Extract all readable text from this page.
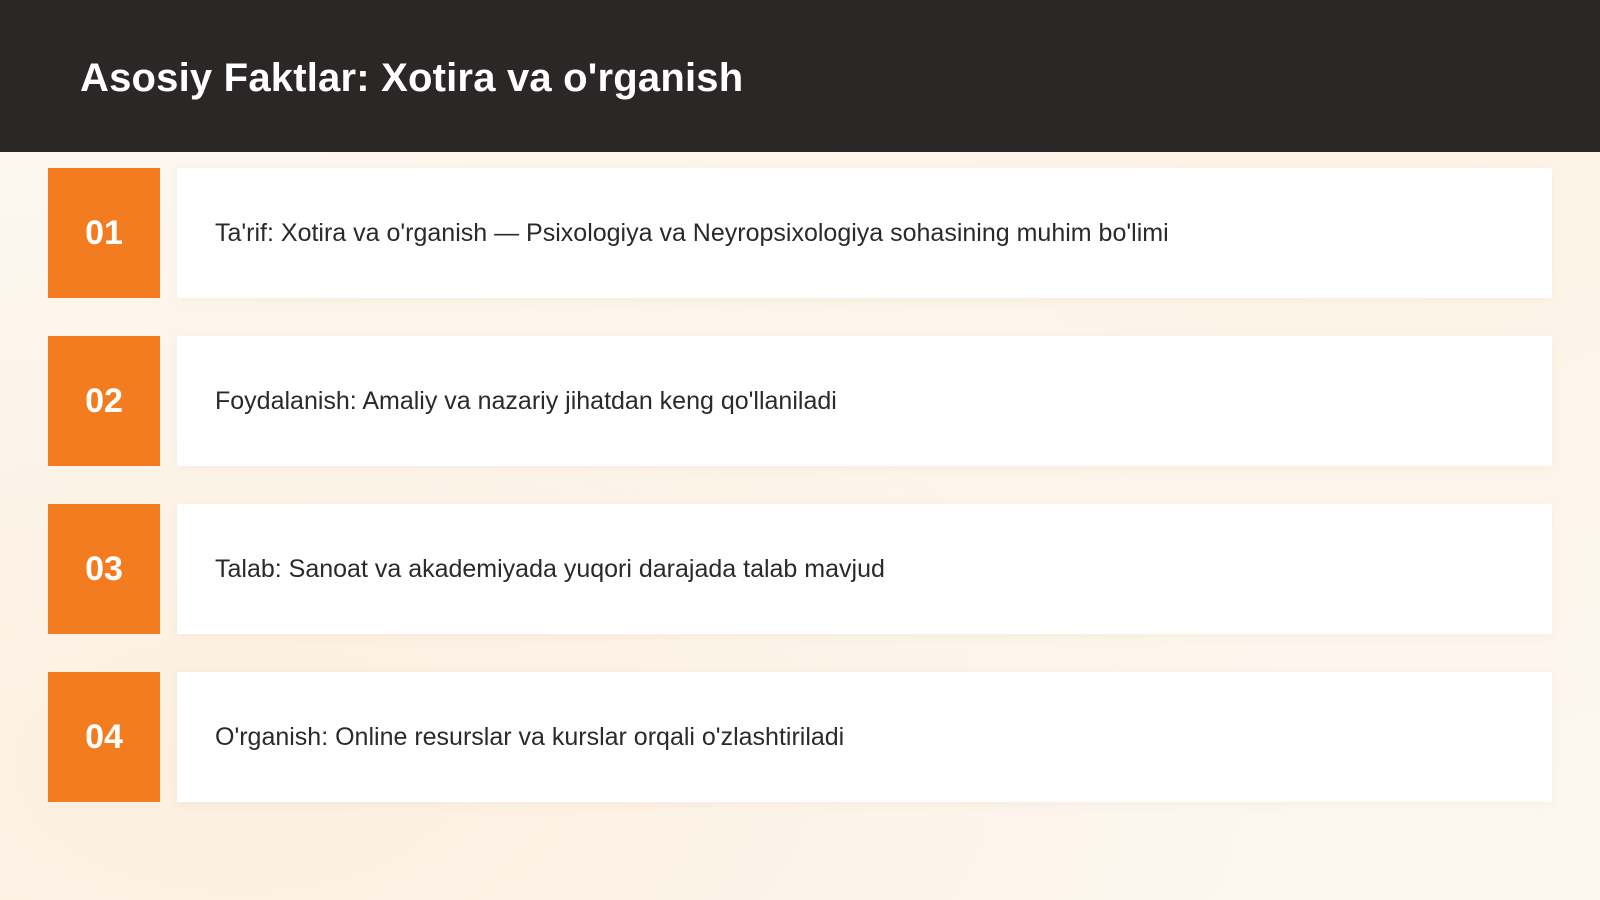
Asosiy Faktlar: Xotira va o'rganish
01	Ta'rif: Xotira va o'rganish — Psixologiya va Neyropsixologiya sohasining muhim bo'limi
02	Foydalanish: Amaliy va nazariy jihatdan keng qo'llaniladi
03	Talab: Sanoat va akademiyada yuqori darajada talab mavjud
04	O'rganish: Online resurslar va kurslar orqali o'zlashtiriladi
